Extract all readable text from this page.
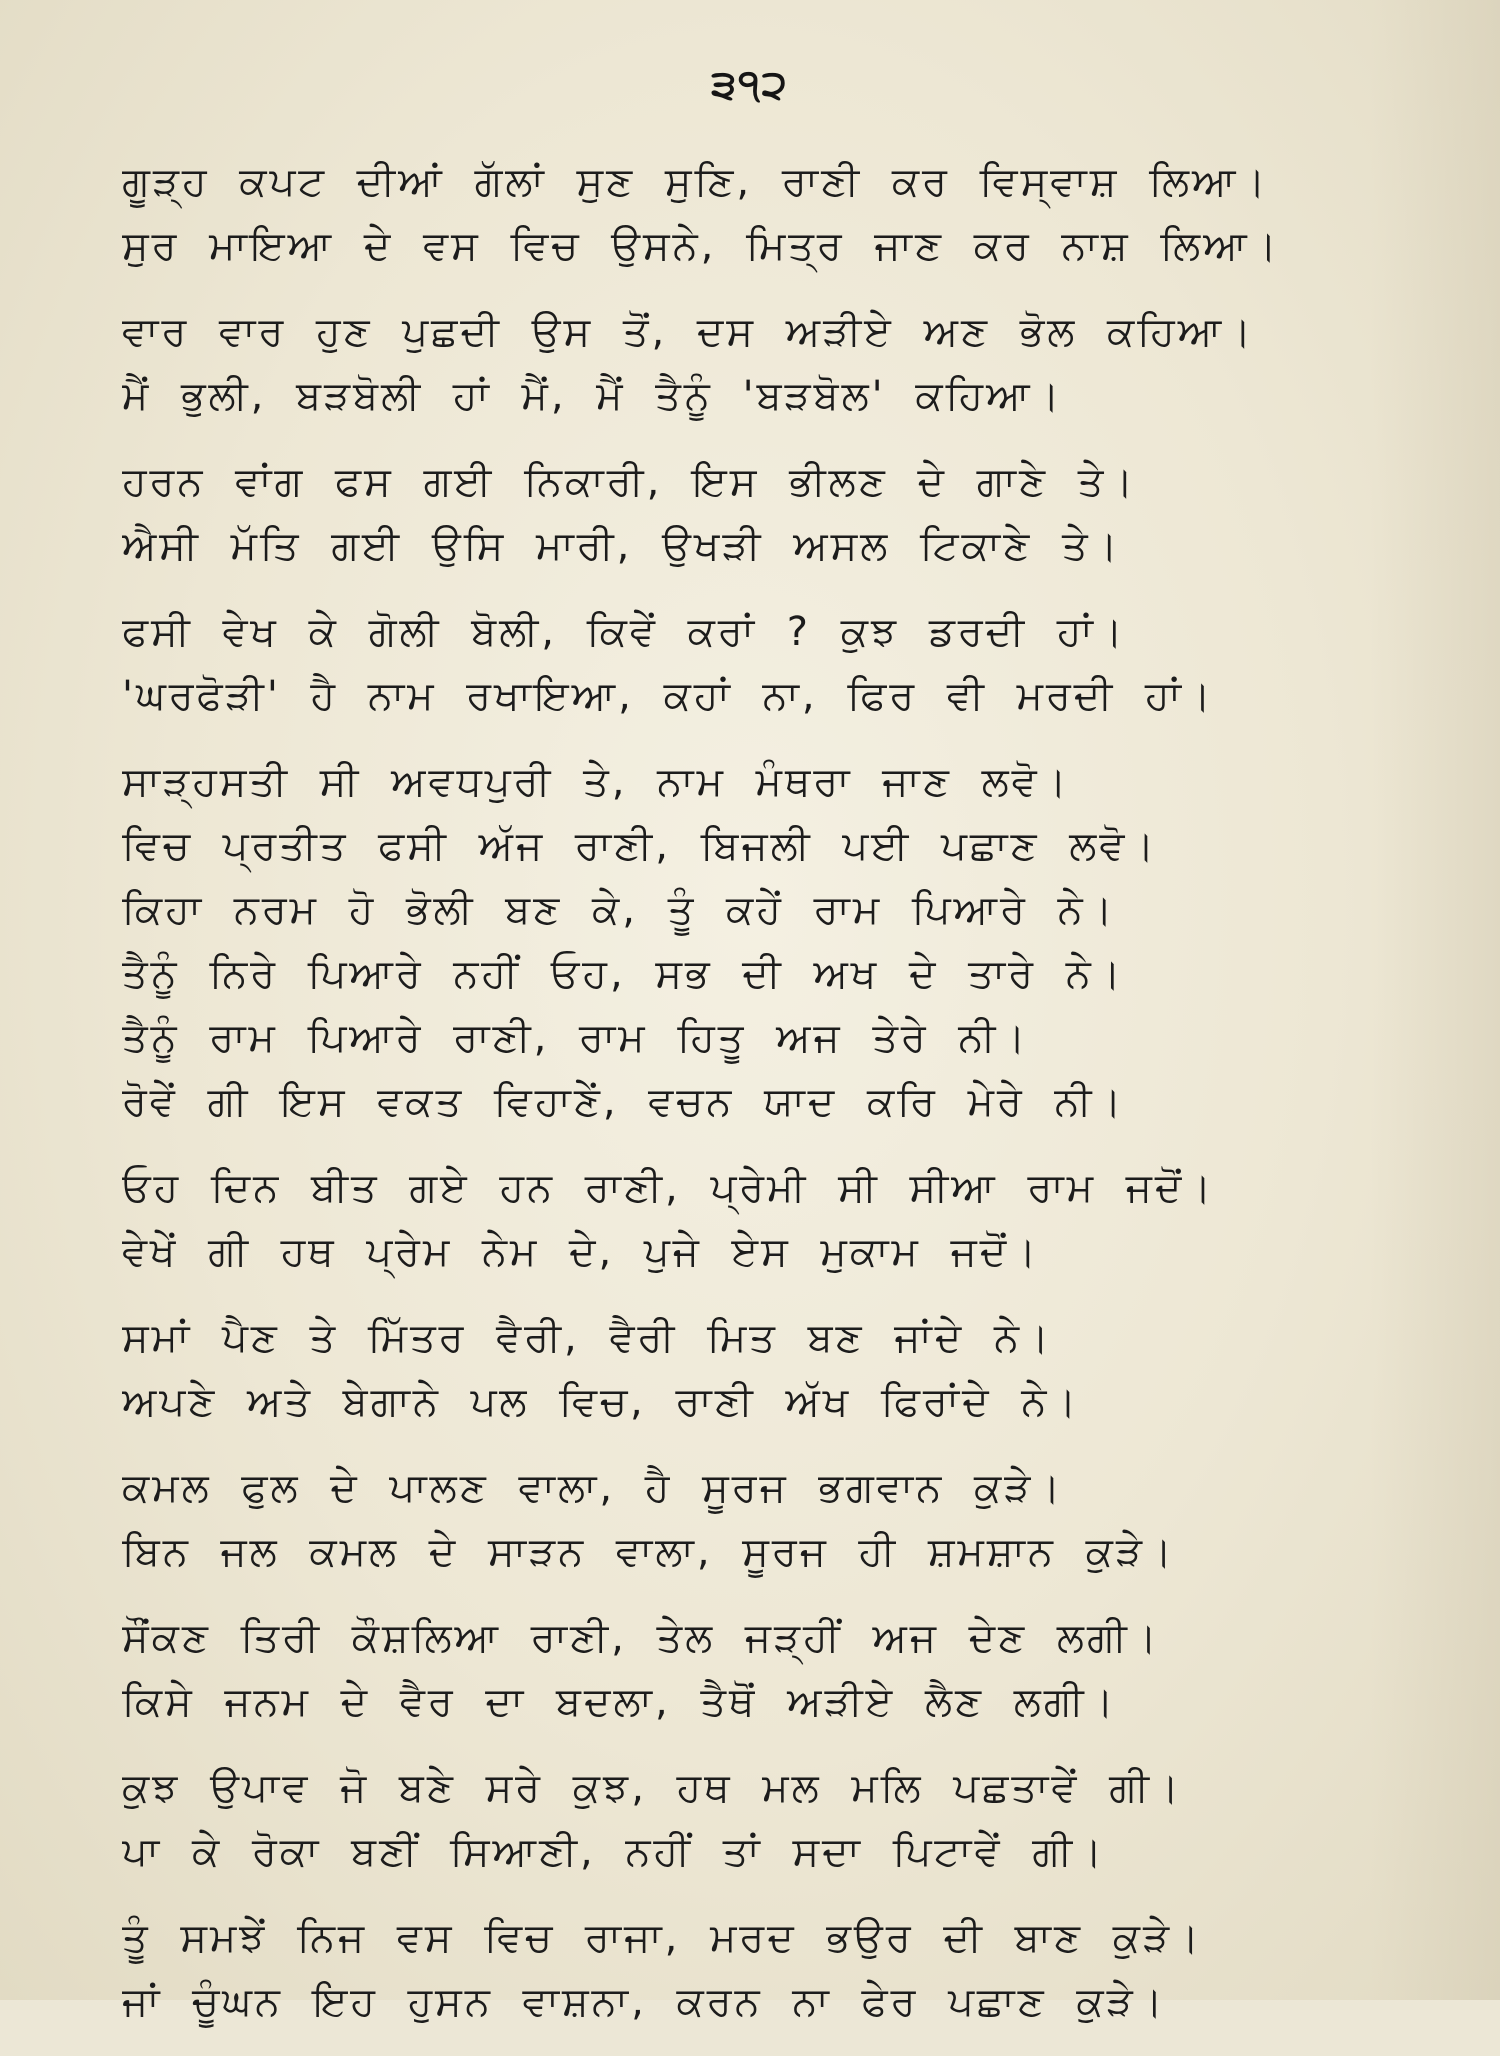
੩੧੨
ਗੂੜ੍ਹ ਕਪਟ ਦੀਆਂ ਗੱਲਾਂ ਸੁਣ ਸੁਣਿ, ਰਾਣੀ ਕਰ ਵਿਸ੍ਵਾਸ਼ ਲਿਆ।
ਸੁਰ ਮਾਇਆ ਦੇ ਵਸ ਵਿਚ ਉਸਨੇ, ਮਿਤ੍ਰ ਜਾਣ ਕਰ ਨਾਸ਼ ਲਿਆ।
ਵਾਰ ਵਾਰ ਹੁਣ ਪੁਛਦੀ ਉਸ ਤੋਂ, ਦਸ ਅੜੀਏ ਅਣ ਭੋਲ ਕਹਿਆ।
ਮੈਂ ਭੁਲੀ, ਬੜਬੋਲੀ ਹਾਂ ਮੈਂ, ਮੈਂ ਤੈਨੂੰ 'ਬੜਬੋਲ' ਕਹਿਆ।
ਹਰਨ ਵਾਂਗ ਫਸ ਗਈ ਨਿਕਾਰੀ, ਇਸ ਭੀਲਣ ਦੇ ਗਾਣੇ ਤੇ।
ਐਸੀ ਮੱਤਿ ਗਈ ਉਸਿ ਮਾਰੀ, ਉਖੜੀ ਅਸਲ ਟਿਕਾਣੇ ਤੇ।
ਫਸੀ ਵੇਖ ਕੇ ਗੋਲੀ ਬੋਲੀ, ਕਿਵੇਂ ਕਰਾਂ ? ਕੁਝ ਡਰਦੀ ਹਾਂ।
'ਘਰਫੋੜੀ' ਹੈ ਨਾਮ ਰਖਾਇਆ, ਕਹਾਂ ਨਾ, ਫਿਰ ਵੀ ਮਰਦੀ ਹਾਂ।
ਸਾੜ੍ਹਸਤੀ ਸੀ ਅਵਧਪੁਰੀ ਤੇ, ਨਾਮ ਮੰਥਰਾ ਜਾਣ ਲਵੋ।
ਵਿਚ ਪ੍ਰਤੀਤ ਫਸੀ ਅੱਜ ਰਾਣੀ, ਬਿਜਲੀ ਪਈ ਪਛਾਣ ਲਵੋ।
ਕਿਹਾ ਨਰਮ ਹੋ ਭੋਲੀ ਬਣ ਕੇ, ਤੂੰ ਕਹੇਂ ਰਾਮ ਪਿਆਰੇ ਨੇ।
ਤੈਨੂੰ ਨਿਰੇ ਪਿਆਰੇ ਨਹੀਂ ਓਹ, ਸਭ ਦੀ ਅਖ ਦੇ ਤਾਰੇ ਨੇ।
ਤੈਨੂੰ ਰਾਮ ਪਿਆਰੇ ਰਾਣੀ, ਰਾਮ ਹਿਤੂ ਅਜ ਤੇਰੇ ਨੀ।
ਰੋਵੇਂ ਗੀ ਇਸ ਵਕਤ ਵਿਹਾਣੇਂ, ਵਚਨ ਯਾਦ ਕਰਿ ਮੇਰੇ ਨੀ।
ਓਹ ਦਿਨ ਬੀਤ ਗਏ ਹਨ ਰਾਣੀ, ਪ੍ਰੇਮੀ ਸੀ ਸੀਆ ਰਾਮ ਜਦੋਂ।
ਵੇਖੇਂ ਗੀ ਹਥ ਪ੍ਰੇਮ ਨੇਮ ਦੇ, ਪੁਜੇ ਏਸ ਮੁਕਾਮ ਜਦੋਂ।
ਸਮਾਂ ਪੈਣ ਤੇ ਮਿੱਤਰ ਵੈਰੀ, ਵੈਰੀ ਮਿਤ ਬਣ ਜਾਂਦੇ ਨੇ।
ਅਪਣੇ ਅਤੇ ਬੇਗਾਨੇ ਪਲ ਵਿਚ, ਰਾਣੀ ਅੱਖ ਫਿਰਾਂਦੇ ਨੇ।
ਕਮਲ ਫੁਲ ਦੇ ਪਾਲਣ ਵਾਲਾ, ਹੈ ਸੂਰਜ ਭਗਵਾਨ ਕੁੜੇ।
ਬਿਨ ਜਲ ਕਮਲ ਦੇ ਸਾੜਨ ਵਾਲਾ, ਸੂਰਜ ਹੀ ਸ਼ਮਸ਼ਾਨ ਕੁੜੇ।
ਸੌਂਕਣ ਤਿਰੀ ਕੌਸ਼ਲਿਆ ਰਾਣੀ, ਤੇਲ ਜੜ੍ਹੀਂ ਅਜ ਦੇਣ ਲਗੀ।
ਕਿਸੇ ਜਨਮ ਦੇ ਵੈਰ ਦਾ ਬਦਲਾ, ਤੈਥੋਂ ਅੜੀਏ ਲੈਣ ਲਗੀ।
ਕੁਝ ਉਪਾਵ ਜੋ ਬਣੇ ਸਰੇ ਕੁਝ, ਹਥ ਮਲ ਮਲਿ ਪਛਤਾਵੇਂ ਗੀ।
ਪਾ ਕੇ ਰੋਕਾ ਬਣੀਂ ਸਿਆਣੀ, ਨਹੀਂ ਤਾਂ ਸਦਾ ਪਿਟਾਵੇਂ ਗੀ।
ਤੂੰ ਸਮਝੇਂ ਨਿਜ ਵਸ ਵਿਚ ਰਾਜਾ, ਮਰਦ ਭਉਰ ਦੀ ਬਾਣ ਕੁੜੇ।
ਜਾਂ ਚੂੰਘਨ ਇਹ ਹੁਸਨ ਵਾਸ਼ਨਾ, ਕਰਨ ਨਾ ਫੇਰ ਪਛਾਣ ਕੁੜੇ।
